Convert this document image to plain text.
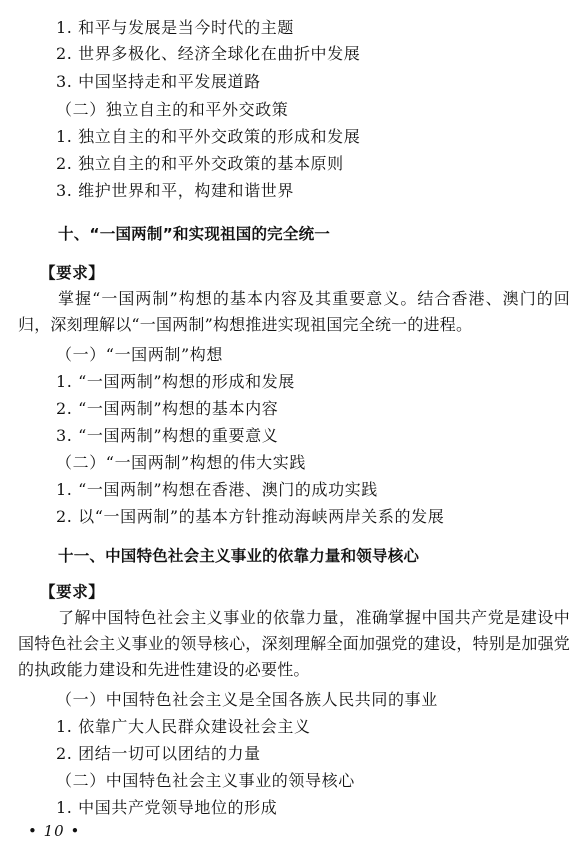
1. 和平与发展是当今时代的主题
2. 世界多极化、经济全球化在曲折中发展
3. 中国坚持走和平发展道路
（二）独立自主的和平外交政策
1. 独立自主的和平外交政策的形成和发展
2. 独立自主的和平外交政策的基本原则
3. 维护世界和平，构建和谐世界
十、“一国两制”和实现祖国的完全统一
【要求】
掌握“一国两制”构想的基本内容及其重要意义。结合香港、澳门的回归，深刻理解以“一国两制”构想推进实现祖国完全统一的进程。
（一）“一国两制”构想
1. “一国两制”构想的形成和发展
2. “一国两制”构想的基本内容
3. “一国两制”构想的重要意义
（二）“一国两制”构想的伟大实践
1. “一国两制”构想在香港、澳门的成功实践
2. 以“一国两制”的基本方针推动海峡两岸关系的发展
十一、中国特色社会主义事业的依靠力量和领导核心
【要求】
了解中国特色社会主义事业的依靠力量，准确掌握中国共产党是建设中国特色社会主义事业的领导核心，深刻理解全面加强党的建设，特别是加强党的执政能力建设和先进性建设的必要性。
（一）中国特色社会主义是全国各族人民共同的事业
1. 依靠广大人民群众建设社会主义
2. 团结一切可以团结的力量
（二）中国特色社会主义事业的领导核心
1. 中国共产党领导地位的形成
• 10 •
